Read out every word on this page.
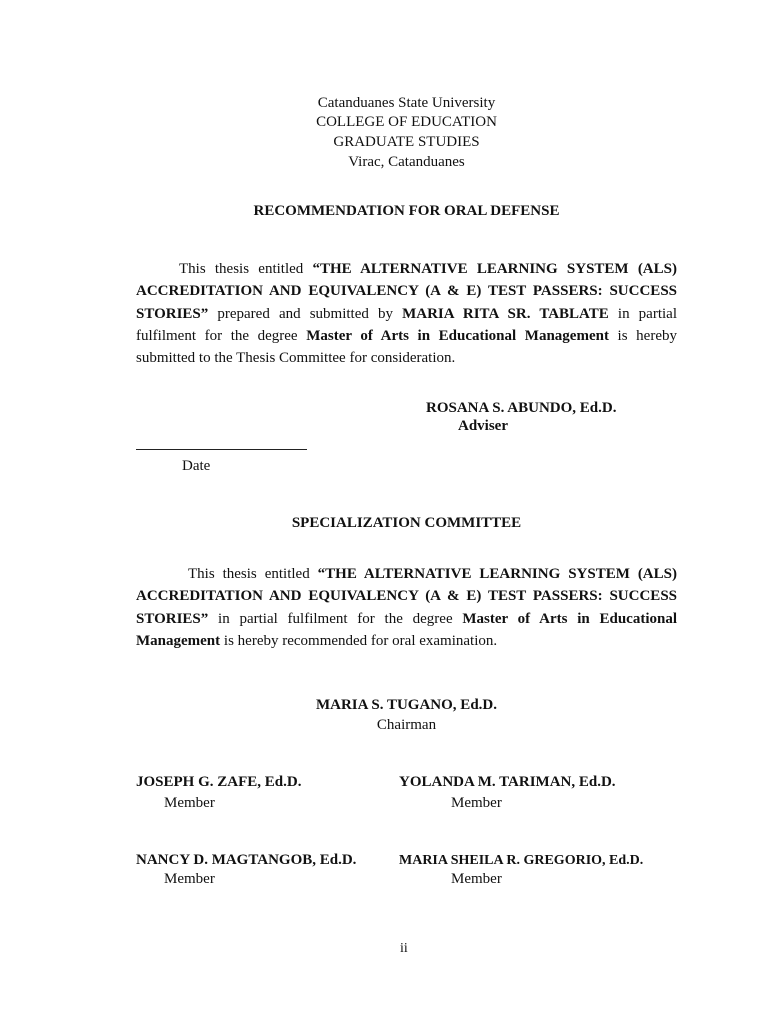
Catanduanes State University
COLLEGE OF EDUCATION
GRADUATE STUDIES
Virac, Catanduanes
RECOMMENDATION FOR ORAL DEFENSE
This thesis entitled “THE ALTERNATIVE LEARNING SYSTEM (ALS) ACCREDITATION AND EQUIVALENCY (A & E) TEST PASSERS: SUCCESS STORIES” prepared and submitted by MARIA RITA SR. TABLATE in partial fulfilment for the degree Master of Arts in Educational Management is hereby submitted to the Thesis Committee for consideration.
ROSANA S. ABUNDO, Ed.D.
Adviser
Date
SPECIALIZATION COMMITTEE
This thesis entitled “THE ALTERNATIVE LEARNING SYSTEM (ALS) ACCREDITATION AND EQUIVALENCY (A & E) TEST PASSERS: SUCCESS STORIES” in partial fulfilment for the degree Master of Arts in Educational Management is hereby recommended for oral examination.
MARIA S. TUGANO, Ed.D.
Chairman
JOSEPH G. ZAFE, Ed.D.
Member
YOLANDA M. TARIMAN, Ed.D.
Member
NANCY D. MAGTANGOB, Ed.D.
Member
MARIA SHEILA R. GREGORIO, Ed.D.
Member
ii
